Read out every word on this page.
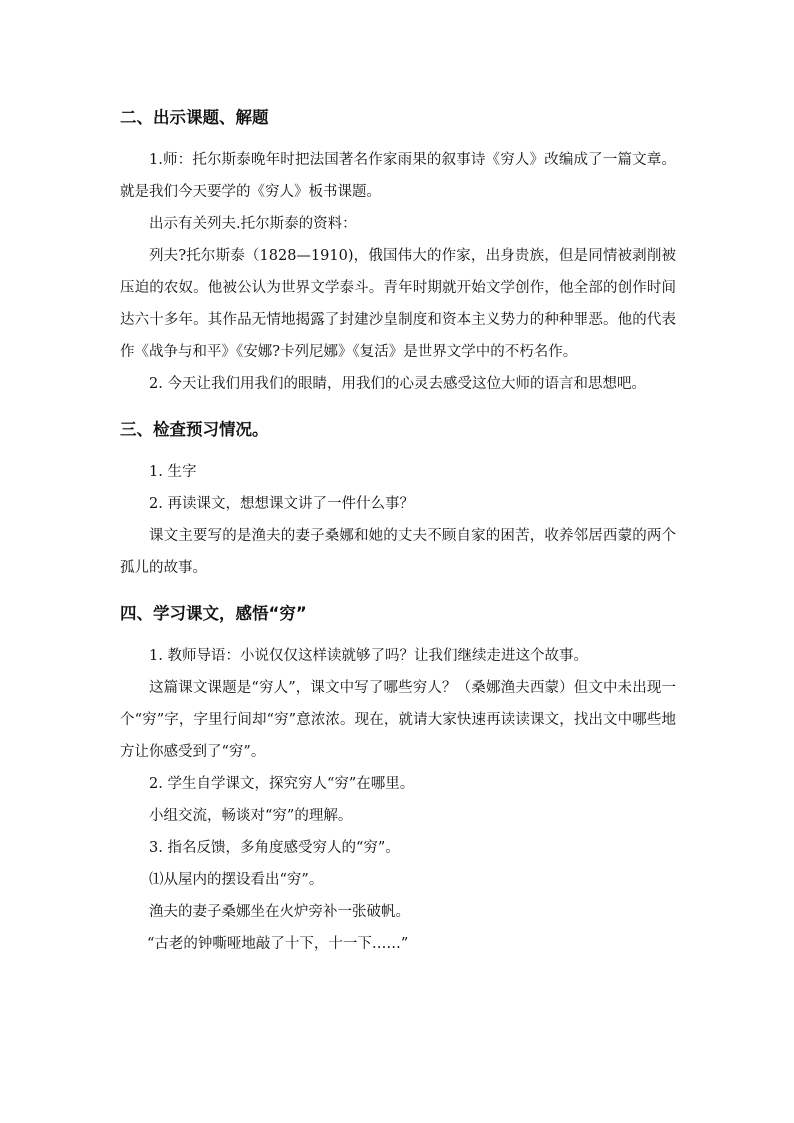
二、出示课题、解题

1.师：托尔斯泰晚年时把法国著名作家雨果的叙事诗《穷人》改编成了一篇文章。就是我们今天要学的《穷人》板书课题。

出示有关列夫.托尔斯泰的资料：

列夫?托尔斯泰（1828—1910)，俄国伟大的作家，出身贵族，但是同情被剥削被压迫的农奴。他被公认为世界文学泰斗。青年时期就开始文学创作，他全部的创作时间达六十多年。其作品无情地揭露了封建沙皇制度和资本主义势力的种种罪恶。他的代表作《战争与和平》《安娜?卡列尼娜》《复活》是世界文学中的不朽名作。

2. 今天让我们用我们的眼睛，用我们的心灵去感受这位大师的语言和思想吧。

三、检查预习情况。

1. 生字

2. 再读课文，想想课文讲了一件什么事？

课文主要写的是渔夫的妻子桑娜和她的丈夫不顾自家的困苦，收养邻居西蒙的两个孤儿的故事。

四、学习课文，感悟“穷”

1. 教师导语：小说仅仅这样读就够了吗？让我们继续走进这个故事。

这篇课文课题是“穷人”，课文中写了哪些穷人？（桑娜渔夫西蒙）但文中未出现一个“穷”字，字里行间却“穷”意浓浓。现在，就请大家快速再读读课文，找出文中哪些地方让你感受到了“穷”。

2. 学生自学课文，探究穷人“穷”在哪里。

小组交流，畅谈对“穷”的理解。

3. 指名反馈，多角度感受穷人的“穷”。

⑴从屋内的摆设看出“穷”。

渔夫的妻子桑娜坐在火炉旁补一张破帆。

“古老的钟嘶哑地敲了十下，十一下……”
